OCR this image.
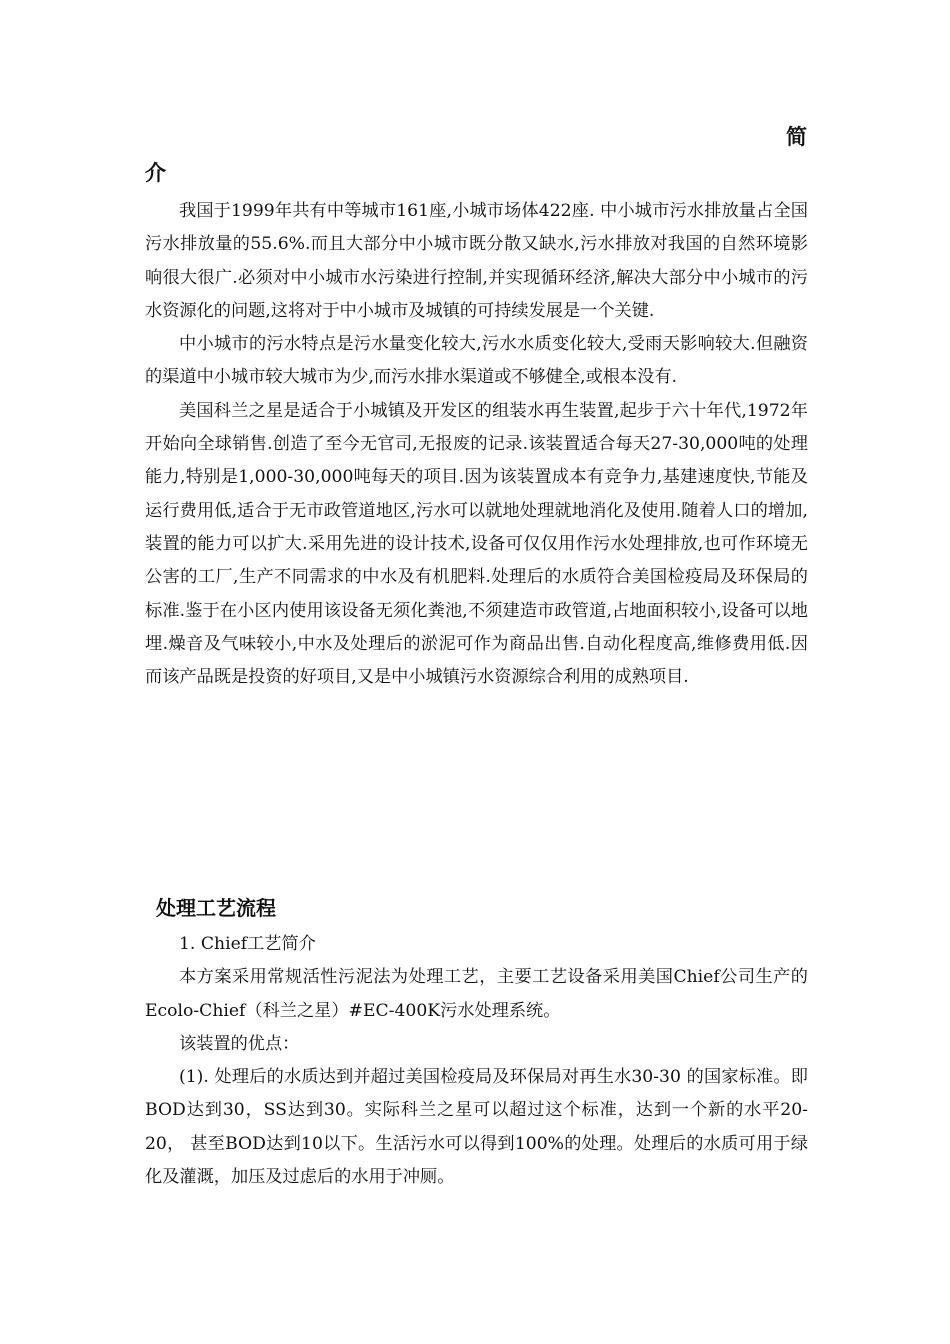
简
介

我国于1999年共有中等城市161座,小城市场体422座. 中小城市污水排放量占全国污水排放量的55.6%.而且大部分中小城市既分散又缺水,污水排放对我国的自然环境影响很大很广.必须对中小城市水污染进行控制,并实现循环经济,解决大部分中小城市的污水资源化的问题,这将对于中小城市及城镇的可持续发展是一个关键.

中小城市的污水特点是污水量变化较大,污水水质变化较大,受雨天影响较大.但融资的渠道中小城市较大城市为少,而污水排水渠道或不够健全,或根本没有.

美国科兰之星是适合于小城镇及开发区的组装水再生装置,起步于六十年代,1972年开始向全球销售.创造了至今无官司,无报废的记录.该装置适合每天27-30,000吨的处理能力,特别是1,000-30,000吨每天的项目.因为该装置成本有竞争力,基建速度快,节能及运行费用低,适合于无市政管道地区,污水可以就地处理就地消化及使用.随着人口的增加,装置的能力可以扩大.采用先进的设计技术,设备可仅仅用作污水处理排放,也可作环境无公害的工厂,生产不同需求的中水及有机肥料.处理后的水质符合美国检疫局及环保局的标准.鉴于在小区内使用该设备无须化粪池,不须建造市政管道,占地面积较小,设备可以地埋.燥音及气味较小,中水及处理后的淤泥可作为商品出售.自动化程度高,维修费用低.因而该产品既是投资的好项目,又是中小城镇污水资源综合利用的成熟项目.

处理工艺流程

1. Chief工艺简介

本方案采用常规活性污泥法为处理工艺，主要工艺设备采用美国Chief公司生产的Ecolo-Chief（科兰之星）#EC-400K污水处理系统。

该装置的优点：

(1). 处理后的水质达到并超过美国检疫局及环保局对再生水30-30 的国家标准。即BOD达到30，SS达到30。实际科兰之星可以超过这个标准，达到一个新的水平20-20， 甚至BOD达到10以下。生活污水可以得到100%的处理。处理后的水质可用于绿化及灌溉，加压及过虑后的水用于冲厕。
